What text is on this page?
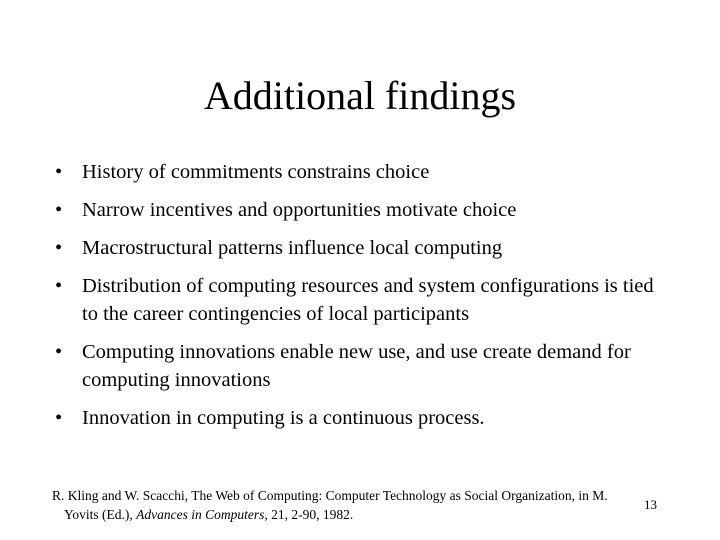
Additional findings
• History of commitments constrains choice
• Narrow incentives and opportunities motivate choice
• Macrostructural patterns influence local computing
• Distribution of computing resources and system configurations is tied to the career contingencies of local participants
• Computing innovations enable new use, and use create demand for computing innovations
• Innovation in computing is a continuous process.
R. Kling and W. Scacchi, The Web of Computing: Computer Technology as Social Organization, in M.
Yovits (Ed.), Advances in Computers, 21, 2-90, 1982.
13
